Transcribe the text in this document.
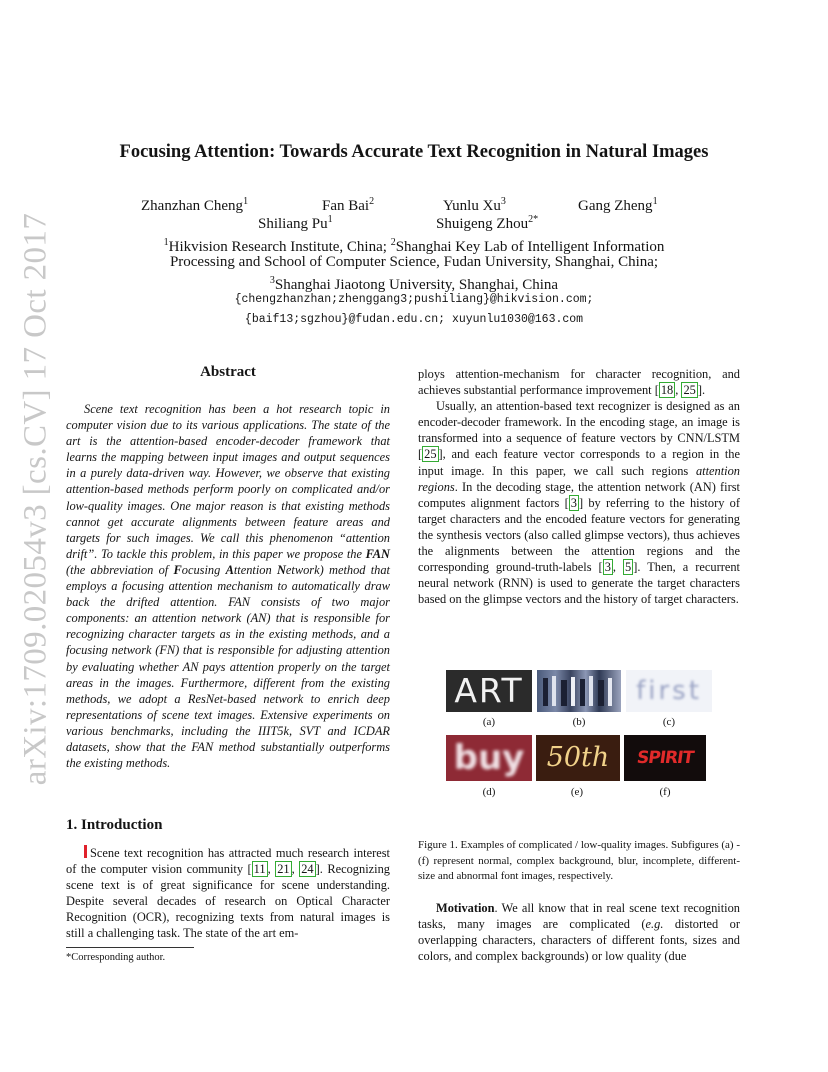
arXiv:1709.02054v3 [cs.CV] 17 Oct 2017
Focusing Attention: Towards Accurate Text Recognition in Natural Images
Zhanzhan Cheng$^1$	Fan Bai$^2$	Yunlu Xu$^3$	Gang Zheng$^1$
Shiliang Pu$^1$	Shuigeng Zhou$^{2*}$
$^1$Hikvision Research Institute, China; $^2$Shanghai Key Lab of Intelligent Information
Processing and School of Computer Science, Fudan University, Shanghai, China;
$^3$Shanghai Jiaotong University, Shanghai, China
{chengzhanzhan;zhenggang3;pushiliang}@hikvision.com;
{baif13;sgzhou}@fudan.edu.cn; xuyunlu1030@163.com
Abstract

Scene text recognition has been a hot research topic in computer vision due to its various applications. The state of the art is the attention-based encoder-decoder framework that learns the mapping between input images and output sequences in a purely data-driven way. However, we observe that existing attention-based methods perform poorly on complicated and/or low-quality images. One major reason is that existing methods cannot get accurate alignments between feature areas and targets for such images. We call this phenomenon “attention drift”. To tackle this problem, in this paper we propose the FAN (the abbreviation of Focusing Attention Network) method that employs a focusing attention mechanism to automatically draw back the drifted attention. FAN consists of two major components: an attention network (AN) that is responsible for recognizing character targets as in the existing methods, and a focusing network (FN) that is responsible for adjusting attention by evaluating whether AN pays attention properly on the target areas in the images. Furthermore, different from the existing methods, we adopt a ResNet-based network to enrich deep representations of scene text images. Extensive experiments on various benchmarks, including the IIIT5k, SVT and ICDAR datasets, show that the FAN method substantially outperforms the existing methods.

1. Introduction

Scene text recognition has attracted much research interest of the computer vision community [ 11 , 21 , 24 ]. Recognizing scene text is of great significance for scene understanding. Despite several decades of research on Optical Character Recognition (OCR), recognizing texts from natural images is still a challenging task. The state of the art em-

*Corresponding author.

ploys attention-mechanism for character recognition, and achieves substantial performance improvement [ 18 , 25 ].

Usually, an attention-based text recognizer is designed as an encoder-decoder framework. In the encoding stage, an image is transformed into a sequence of feature vectors by CNN/LSTM [ 25 ], and each feature vector corresponds to a region in the input image. In this paper, we call such regions attention regions. In the decoding stage, the attention network (AN) first computes alignment factors [ 3 ] by referring to the history of target characters and the encoded feature vectors for generating the synthesis vectors (also called glimpse vectors), thus achieves the alignments between the attention regions and the corresponding ground-truth-labels [ 3 , 5 ]. Then, a recurrent neural network (RNN) is used to generate the target characters based on the glimpse vectors and the history of target characters.

ART	first
(a)	(b)	(c)
buy 50th	SPIRIT
(d)	(e)	(f)
Figure 1. Examples of complicated / low-quality images. Subfigures (a) - (f) represent normal, complex background, blur, incomplete, different-size and abnormal font images, respectively.

Motivation. We all know that in real scene text recognition tasks, many images are complicated (e.g. distorted or overlapping characters, characters of different fonts, sizes and colors, and complex backgrounds) or low quality (due
